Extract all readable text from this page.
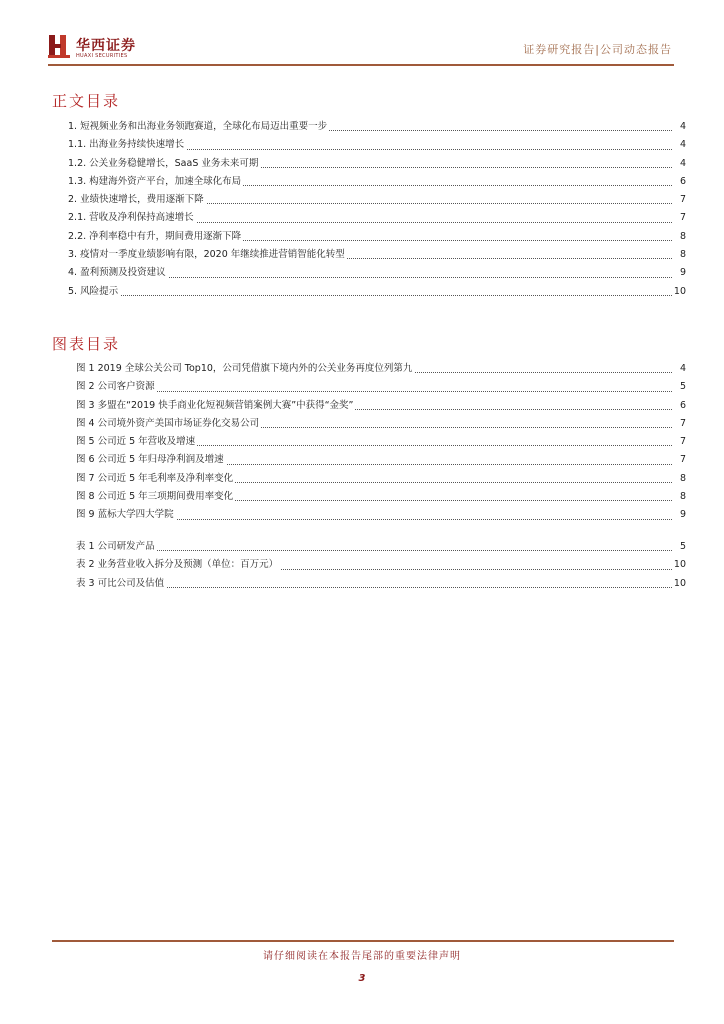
华西证券
HUAXI SECURITIES	证券研究报告|公司动态报告
正文目录
1. 短视频业务和出海业务领跑赛道，全球化布局迈出重要一步	4
1.1. 出海业务持续快速增长	4
1.2. 公关业务稳健增长，SaaS 业务未来可期	4
1.3. 构建海外资产平台，加速全球化布局	6
2. 业绩快速增长，费用逐渐下降	7
2.1. 营收及净利保持高速增长	7
2.2. 净利率稳中有升，期间费用逐渐下降	8
3. 疫情对一季度业绩影响有限，2020 年继续推进营销智能化转型	8
4. 盈利预测及投资建议	9
5. 风险提示	10
图表目录
图 1 2019 全球公关公司 Top10，公司凭借旗下境内外的公关业务再度位列第九	4
图 2 公司客户资源	5
图 3 多盟在“2019 快手商业化短视频营销案例大赛”中获得“金奖”	6
图 4 公司境外资产美国市场证券化交易公司	7
图 5 公司近 5 年营收及增速	7
图 6 公司近 5 年归母净利润及增速	7
图 7 公司近 5 年毛利率及净利率变化	8
图 8 公司近 5 年三项期间费用率变化	8
图 9 蓝标大学四大学院	9
表 1 公司研发产品	5
表 2 业务营业收入拆分及预测（单位：百万元）	10
表 3 可比公司及估值	10
请仔细阅读在本报告尾部的重要法律声明
3
